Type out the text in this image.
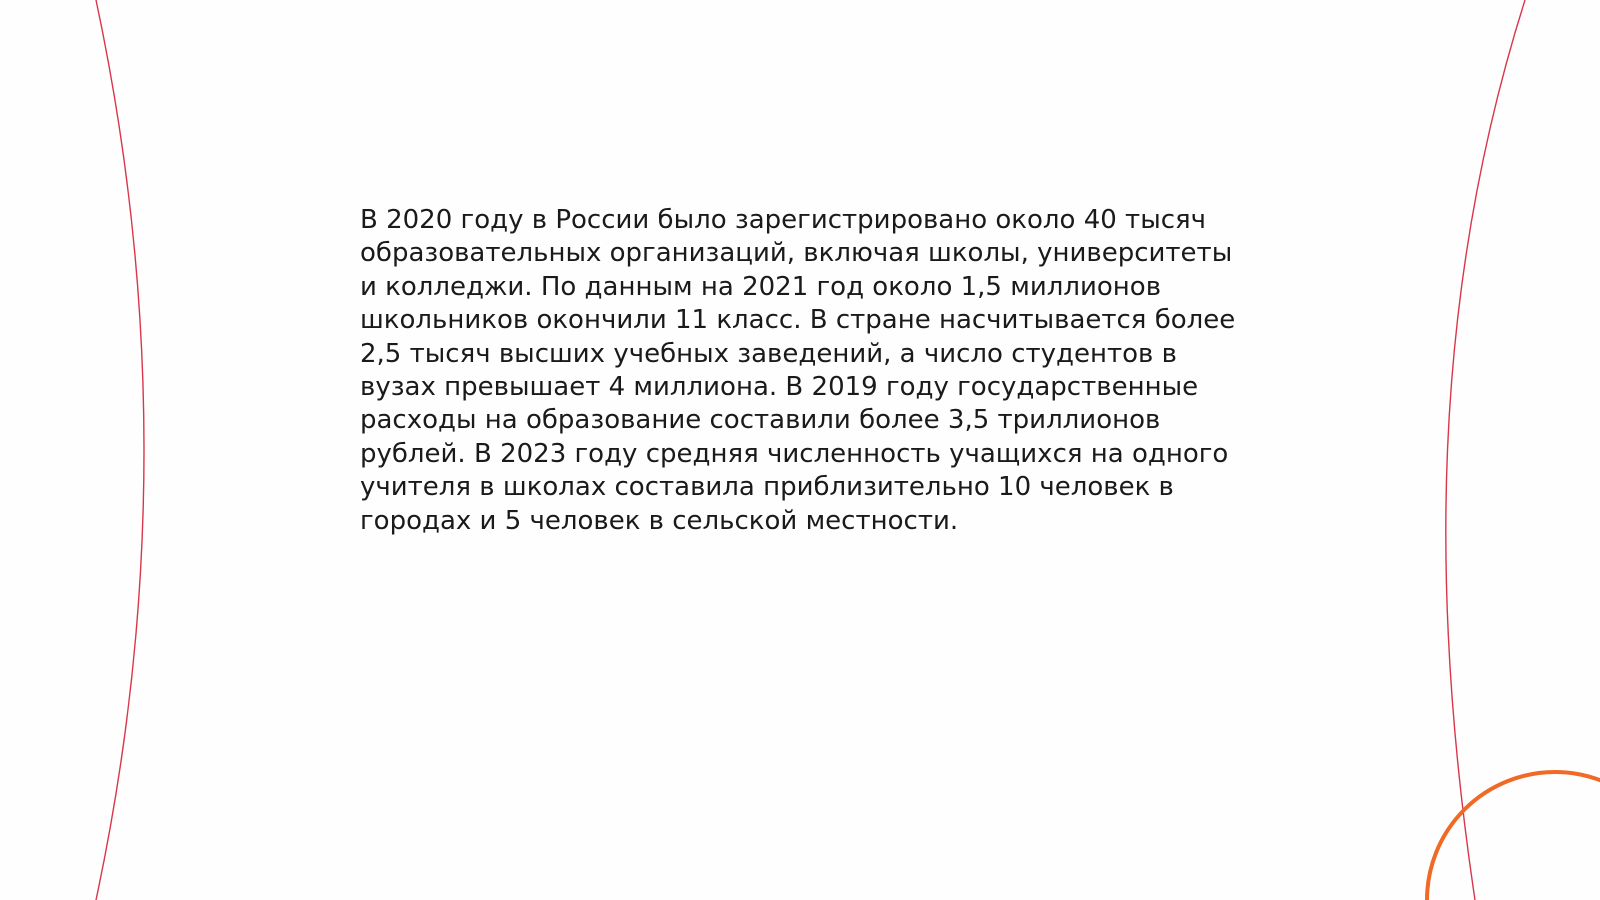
В 2020 году в России было зарегистрировано около 40 тысяч
образовательных организаций, включая школы, университеты
и колледжи. По данным на 2021 год около 1,5 миллионов
школьников окончили 11 класс. В стране насчитывается более
2,5 тысяч высших учебных заведений, а число студентов в
вузах превышает 4 миллиона. В 2019 году государственные
расходы на образование составили более 3,5 триллионов
рублей. В 2023 году средняя численность учащихся на одного
учителя в школах составила приблизительно 10 человек в
городах и 5 человек в сельской местности.
